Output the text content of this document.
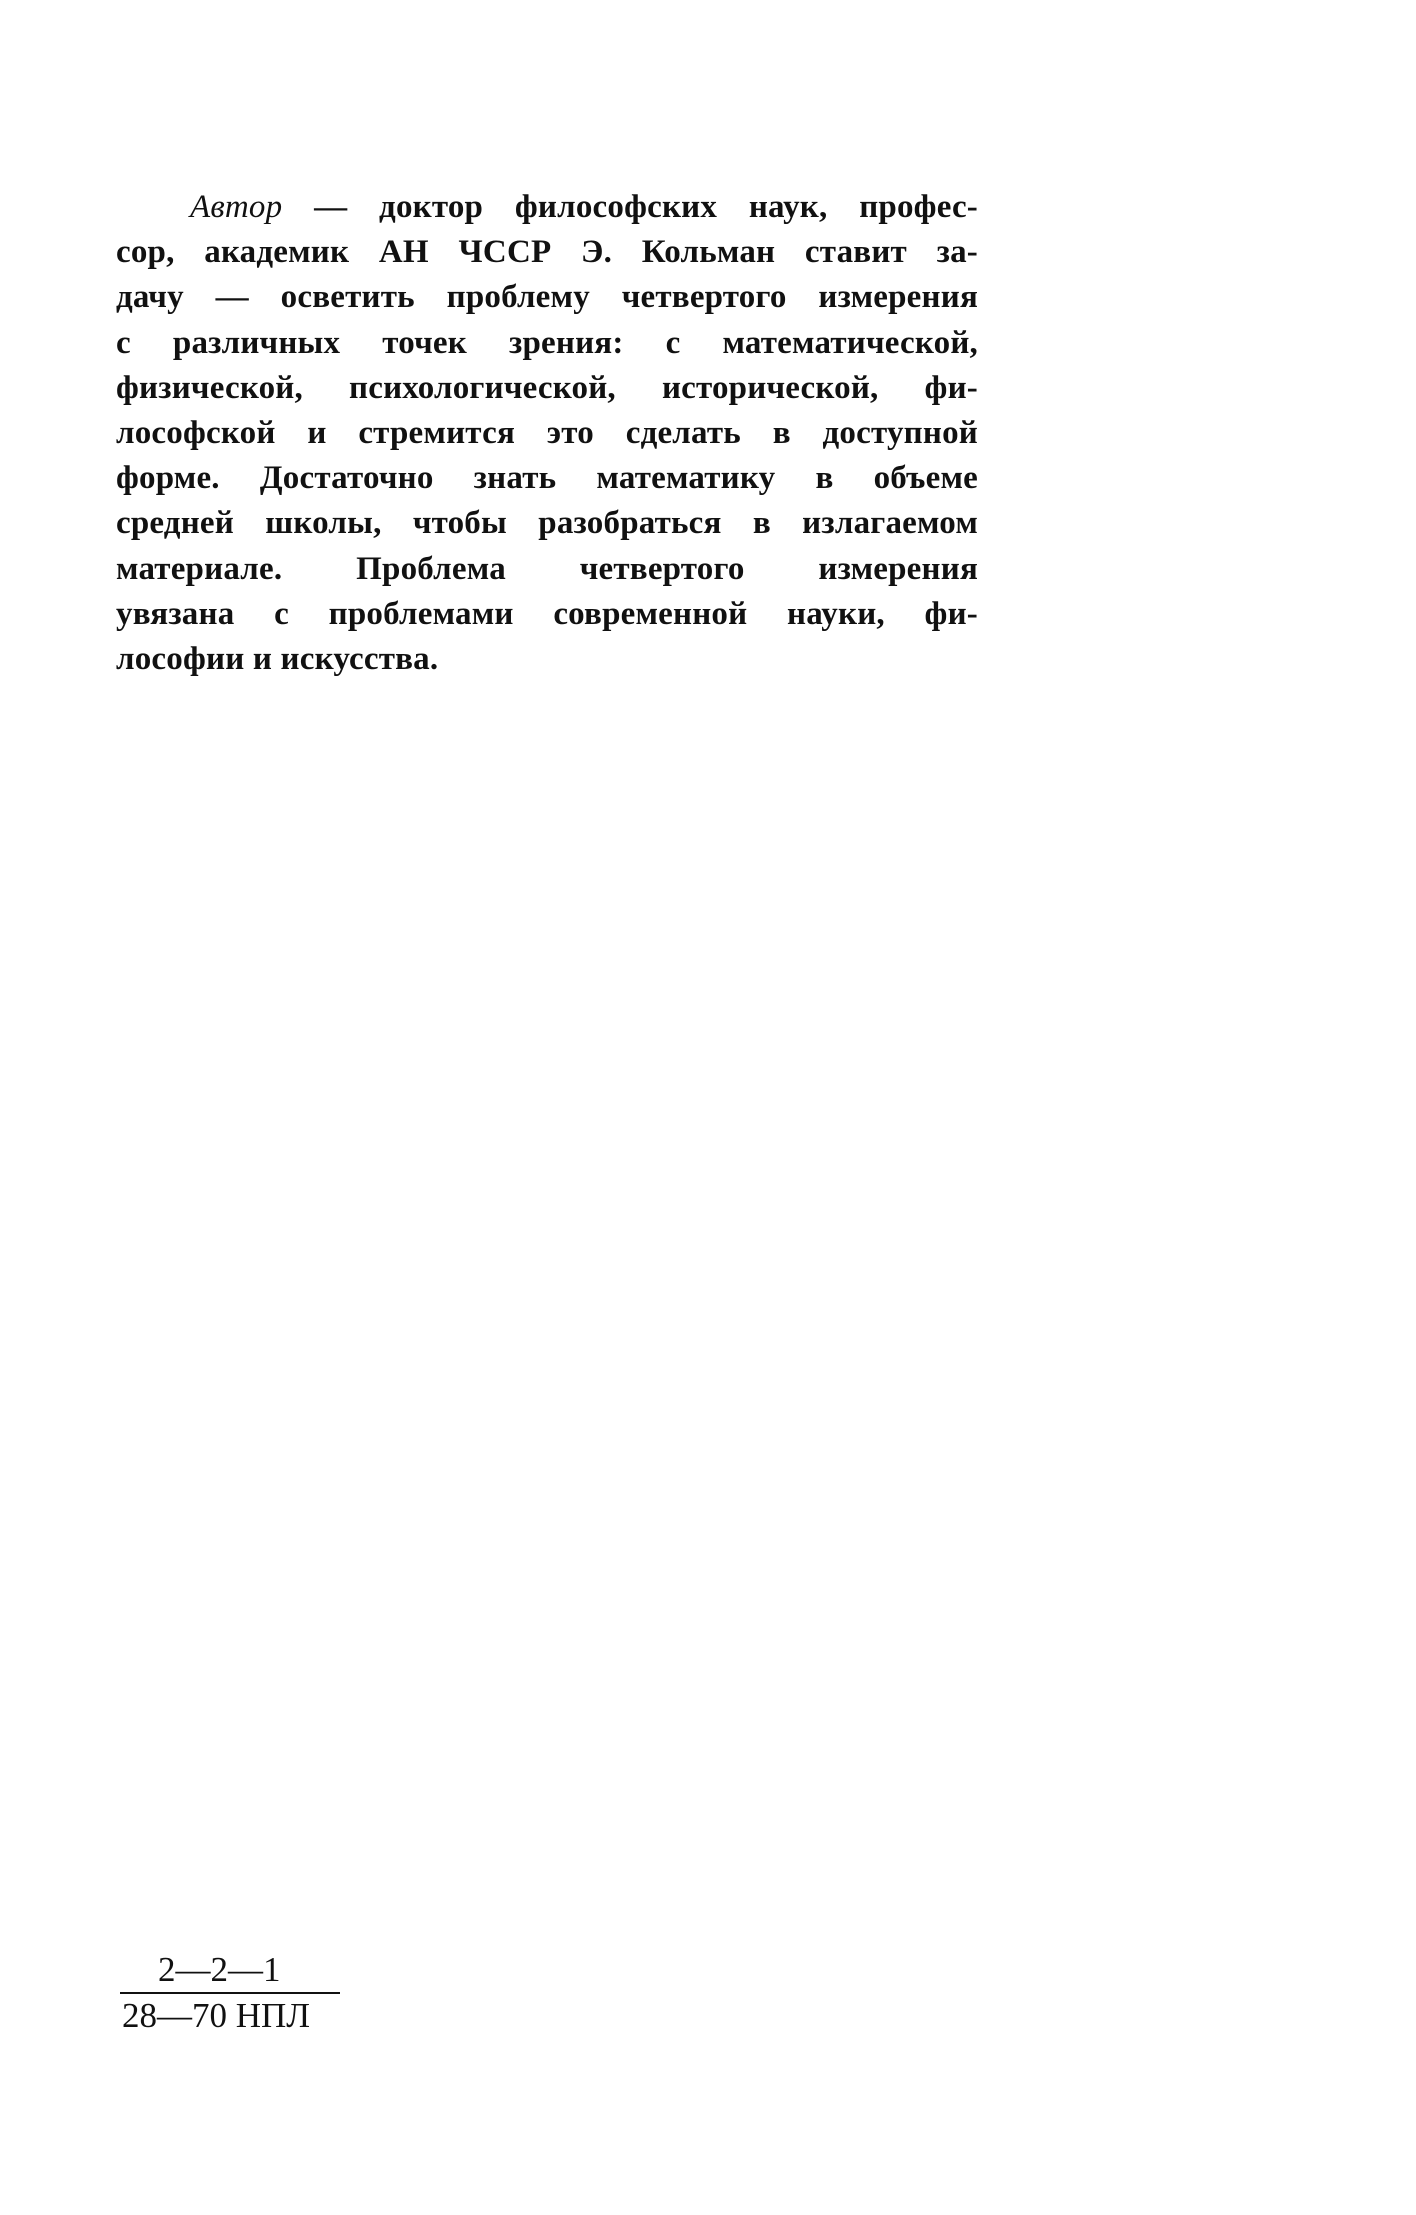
Автор — доктор философских наук, профес-
сор, академик АН ЧССР Э. Кольман ставит за-
дачу — осветить проблему четвертого измерения
с различных точек зрения: с математической,
физической, психологической, исторической, фи-
лософской и стремится это сделать в доступной
форме. Достаточно знать математику в объеме
средней школы, чтобы разобраться в излагаемом
материале. Проблема четвертого измерения
увязана с проблемами современной науки, фи-
лософии и искусства.
2—2—1
28—70 НПЛ
